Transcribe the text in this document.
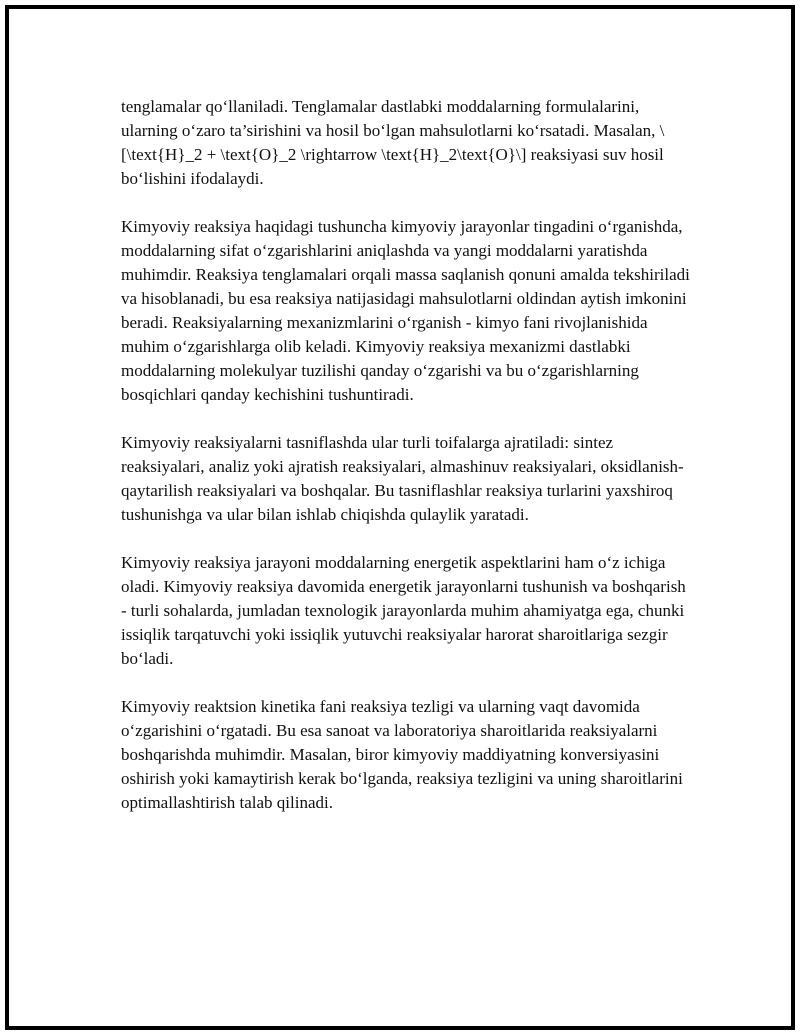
tenglamalar qo‘llaniladi. Tenglamalar dastlabki moddalarning formulalarini, ularning o‘zaro ta’sirishini va hosil bo‘lgan mahsulotlarni ko‘rsatadi. Masalan, \[\text{H}_2 + \text{O}_2 \rightarrow \text{H}_2\text{O}\] reaksiyasi suv hosil bo‘lishini ifodalaydi.

Kimyoviy reaksiya haqidagi tushuncha kimyoviy jarayonlar tingadini o‘rganishda, moddalarning sifat o‘zgarishlarini aniqlashda va yangi moddalarni yaratishda muhimdir. Reaksiya tenglamalari orqali massa saqlanish qonuni amalda tekshiriladi va hisoblanadi, bu esa reaksiya natijasidagi mahsulotlarni oldindan aytish imkonini beradi. Reaksiyalarning mexanizmlarini o‘rganish - kimyo fani rivojlanishida muhim o‘zgarishlarga olib keladi. Kimyoviy reaksiya mexanizmi dastlabki moddalarning molekulyar tuzilishi qanday o‘zgarishi va bu o‘zgarishlarning bosqichlari qanday kechishini tushuntiradi.

Kimyoviy reaksiyalarni tasniflashda ular turli toifalarga ajratiladi: sintez reaksiyalari, analiz yoki ajratish reaksiyalari, almashinuv reaksiyalari, oksidlanish-qaytarilish reaksiyalari va boshqalar. Bu tasniflashlar reaksiya turlarini yaxshiroq tushunishga va ular bilan ishlab chiqishda qulaylik yaratadi.

Kimyoviy reaksiya jarayoni moddalarning energetik aspektlarini ham o‘z ichiga oladi. Kimyoviy reaksiya davomida energetik jarayonlarni tushunish va boshqarish - turli sohalarda, jumladan texnologik jarayonlarda muhim ahamiyatga ega, chunki issiqlik tarqatuvchi yoki issiqlik yutuvchi reaksiyalar harorat sharoitlariga sezgir bo‘ladi.

Kimyoviy reaktsion kinetika fani reaksiya tezligi va ularning vaqt davomida o‘zgarishini o‘rgatadi. Bu esa sanoat va laboratoriya sharoitlarida reaksiyalarni boshqarishda muhimdir. Masalan, biror kimyoviy maddiyatning konversiyasini oshirish yoki kamaytirish kerak bo‘lganda, reaksiya tezligini va uning sharoitlarini optimallashtirish talab qilinadi.
